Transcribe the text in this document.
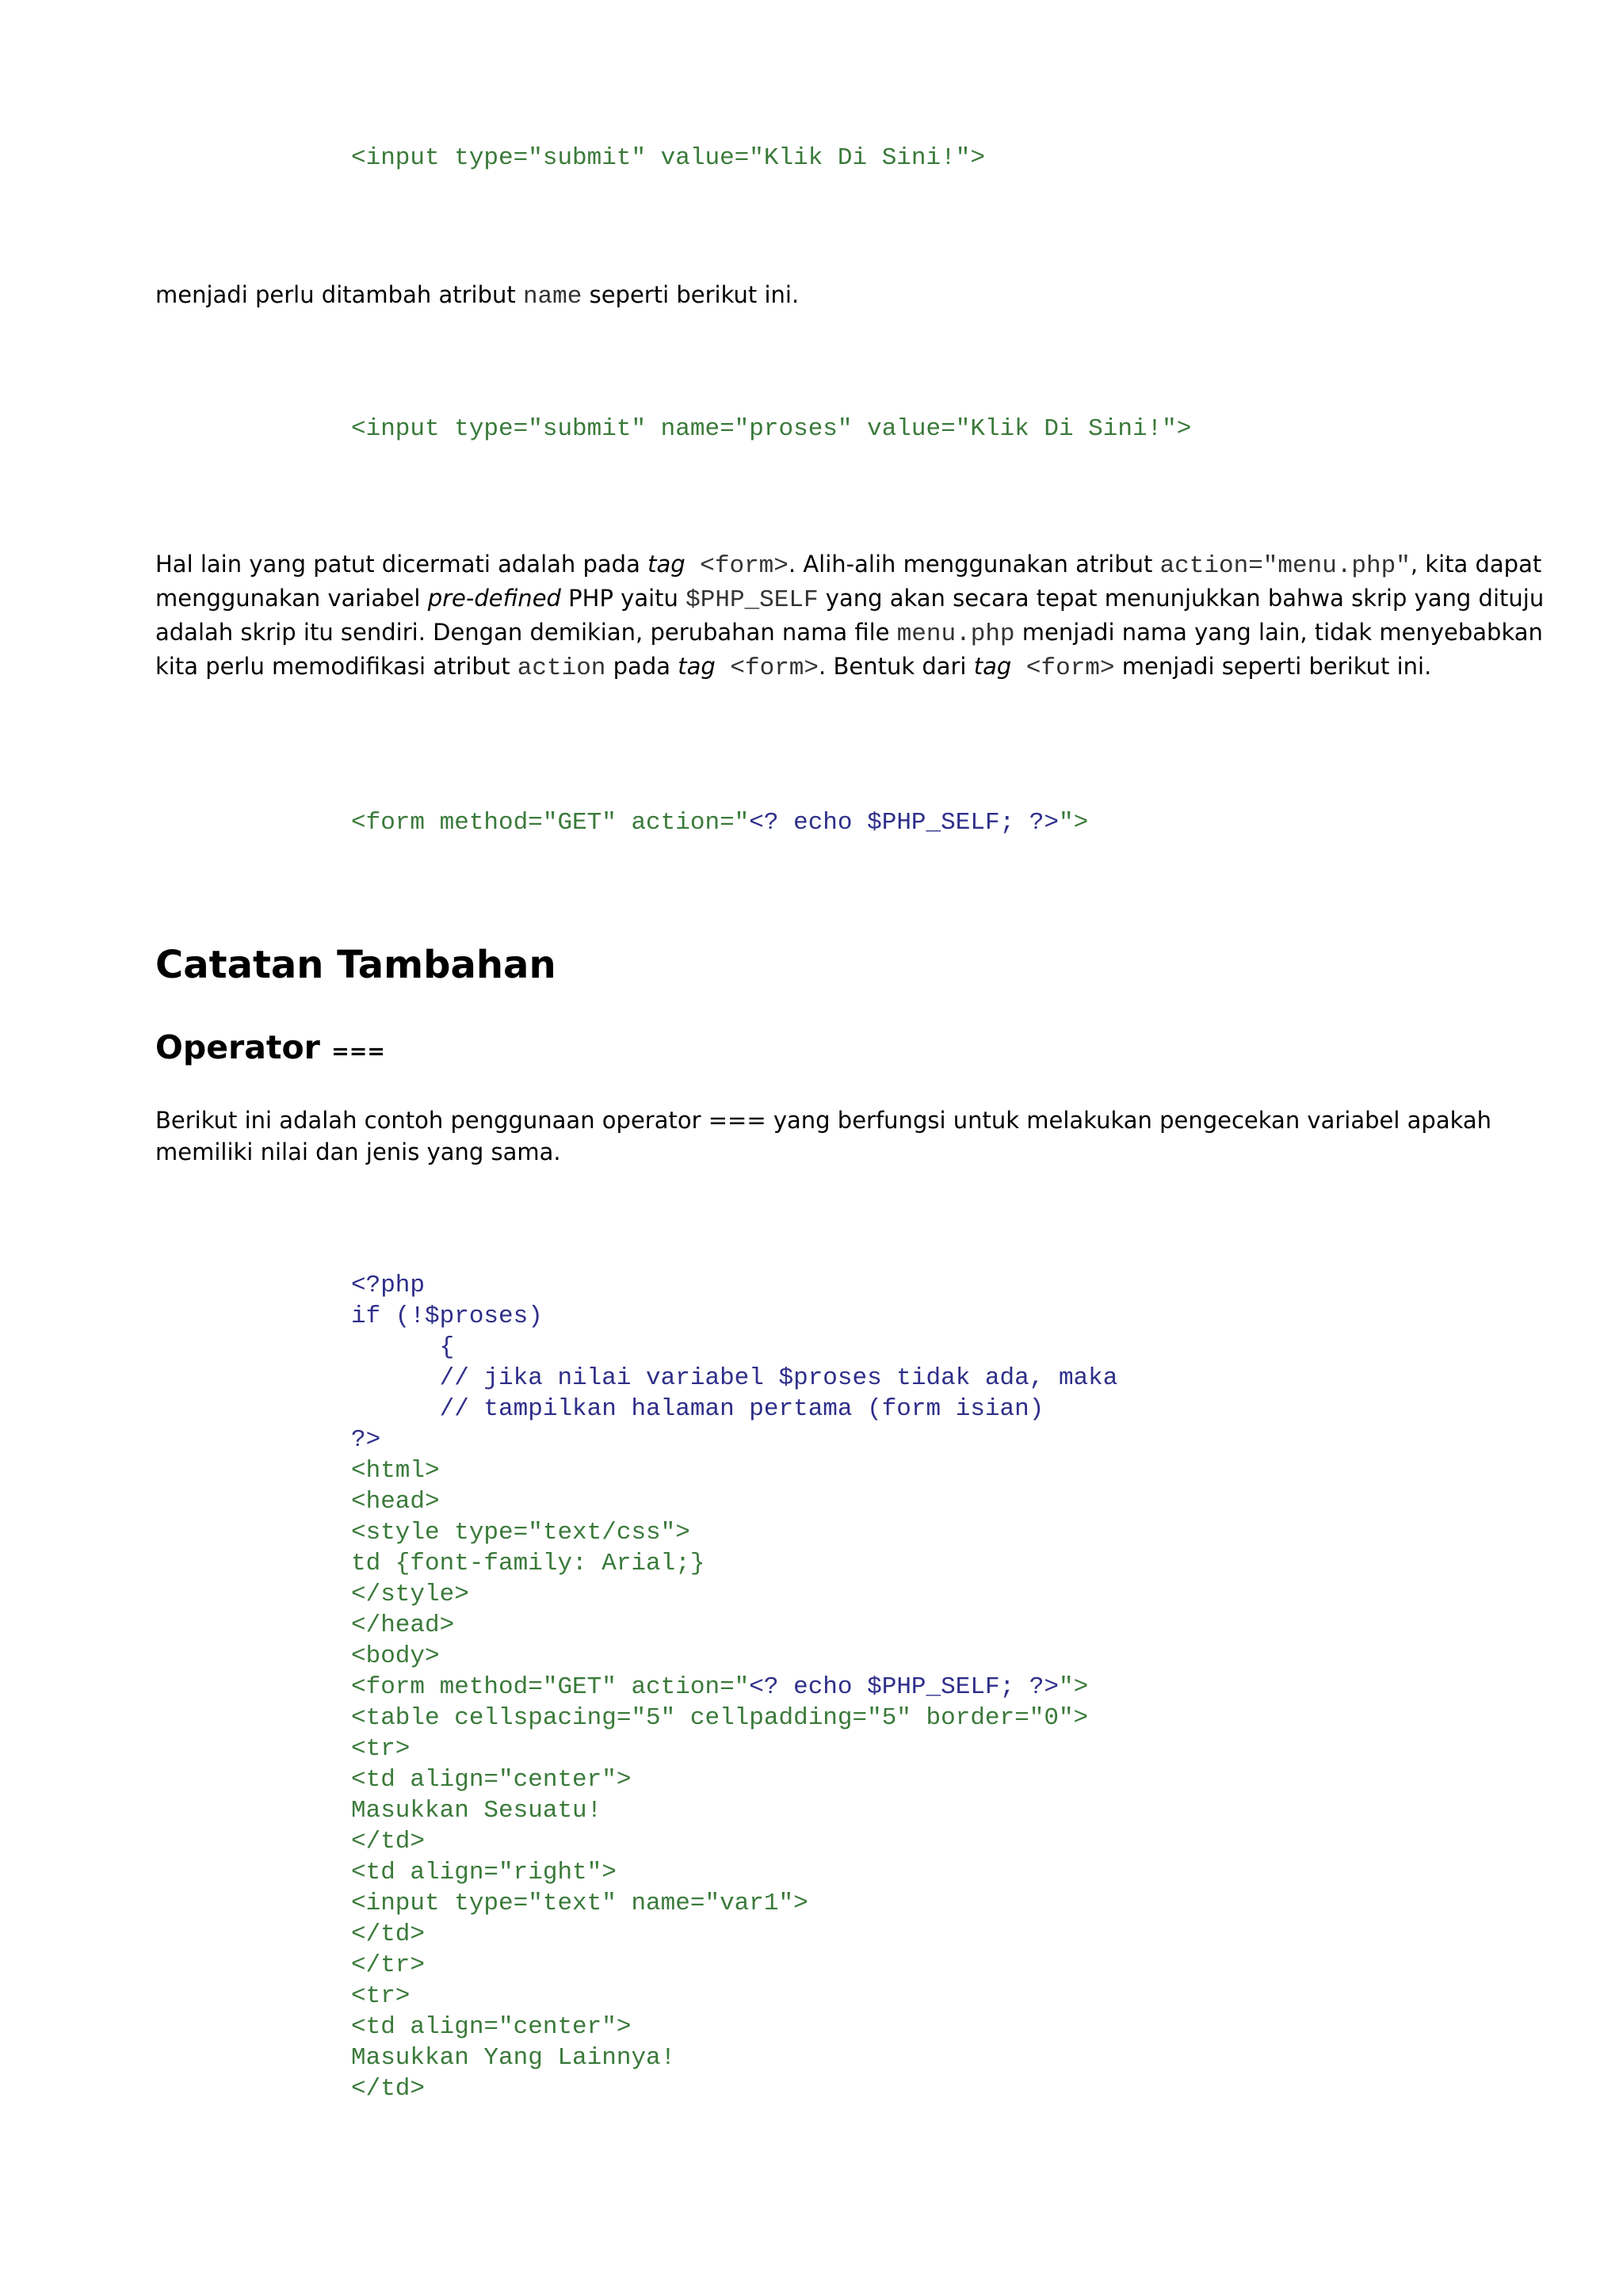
<input type="submit" value="Klik Di Sini!">

menjadi perlu ditambah atribut name seperti berikut ini.

<input type="submit" name="proses" value="Klik Di Sini!">

Hal lain yang patut dicermati adalah pada tag <form>. Alih-alih menggunakan atribut action="menu.php", kita dapat menggunakan variabel pre-defined PHP yaitu $PHP_SELF yang akan secara tepat menunjukkan bahwa skrip yang dituju adalah skrip itu sendiri. Dengan demikian, perubahan nama file menu.php menjadi nama yang lain, tidak menyebabkan kita perlu memodifikasi atribut action pada tag <form>. Bentuk dari tag <form> menjadi seperti berikut ini.

<form method="GET" action="<? echo $PHP_SELF; ?>">
Catatan Tambahan
Operator ===

Berikut ini adalah contoh penggunaan operator === yang berfungsi untuk melakukan pengecekan variabel apakah memiliki nilai dan jenis yang sama.

<?php
if (!$proses)
{
// jika nilai variabel $proses tidak ada, maka
// tampilkan halaman pertama (form isian)
?>
<html>
<head>
<style type="text/css">
td {font-family: Arial;}
</style>
</head>
<body>
<form method="GET" action="<? echo $PHP_SELF; ?>">
<table cellspacing="5" cellpadding="5" border="0">
<tr>
<td align="center">
Masukkan Sesuatu!
</td>
<td align="right">
<input type="text" name="var1">
</td>
</tr>
<tr>
<td align="center">
Masukkan Yang Lainnya!
</td>
